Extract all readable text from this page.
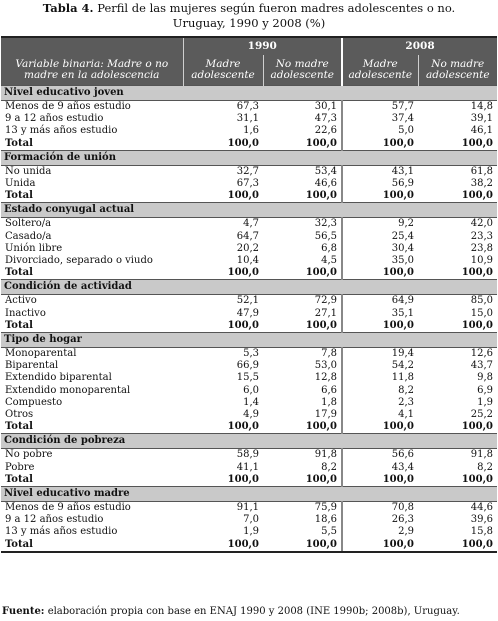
Tabla 4. Perfil de las mujeres según fueron madres adolescentes o no.
Uruguay, 1990 y 2008 (%)
	1990		2008	
Variable binaria: Madre o no madre en la adolescencia	Madre adolescente	No madre adolescente	Madre adolescente	No madre adolescente
Nivel educativo joven				
Menos de 9 años estudio	67,3	30,1	57,7	14,8
9 a 12 años estudio	31,1	47,3	37,4	39,1
13 y más años estudio	1,6	22,6	5,0	46,1
Total	100,0	100,0	100,0	100,0
Formación de unión				
No unida	32,7	53,4	43,1	61,8
Unida	67,3	46,6	56,9	38,2
Total	100,0	100,0	100,0	100,0
Estado conyugal actual				
Soltero/a	4,7	32,3	9,2	42,0
Casado/a	64,7	56,5	25,4	23,3
Unión libre	20,2	6,8	30,4	23,8
Divorciado, separado o viudo	10,4	4,5	35,0	10,9
Total	100,0	100,0	100,0	100,0
Condición de actividad				
Activo	52,1	72,9	64,9	85,0
Inactivo	47,9	27,1	35,1	15,0
Total	100,0	100,0	100,0	100,0
Tipo de hogar				
Monoparental	5,3	7,8	19,4	12,6
Biparental	66,9	53,0	54,2	43,7
Extendido biparental	15,5	12,8	11,8	9,8
Extendido monoparental	6,0	6,6	8,2	6,9
Compuesto	1,4	1,8	2,3	1,9
Otros	4,9	17,9	4,1	25,2
Total	100,0	100,0	100,0	100,0
Condición de pobreza				
No pobre	58,9	91,8	56,6	91,8
Pobre	41,1	8,2	43,4	8,2
Total	100,0	100,0	100,0	100,0
Nivel educativo madre				
Menos de 9 años estudio	91,1	75,9	70,8	44,6
9 a 12 años estudio	7,0	18,6	26,3	39,6
13 y más años estudio	1,9	5,5	2,9	15,8
Total	100,0	100,0	100,0	100,0
Fuente: elaboración propia con base en ENAJ 1990 y 2008 (INE 1990b; 2008b), Uruguay.
